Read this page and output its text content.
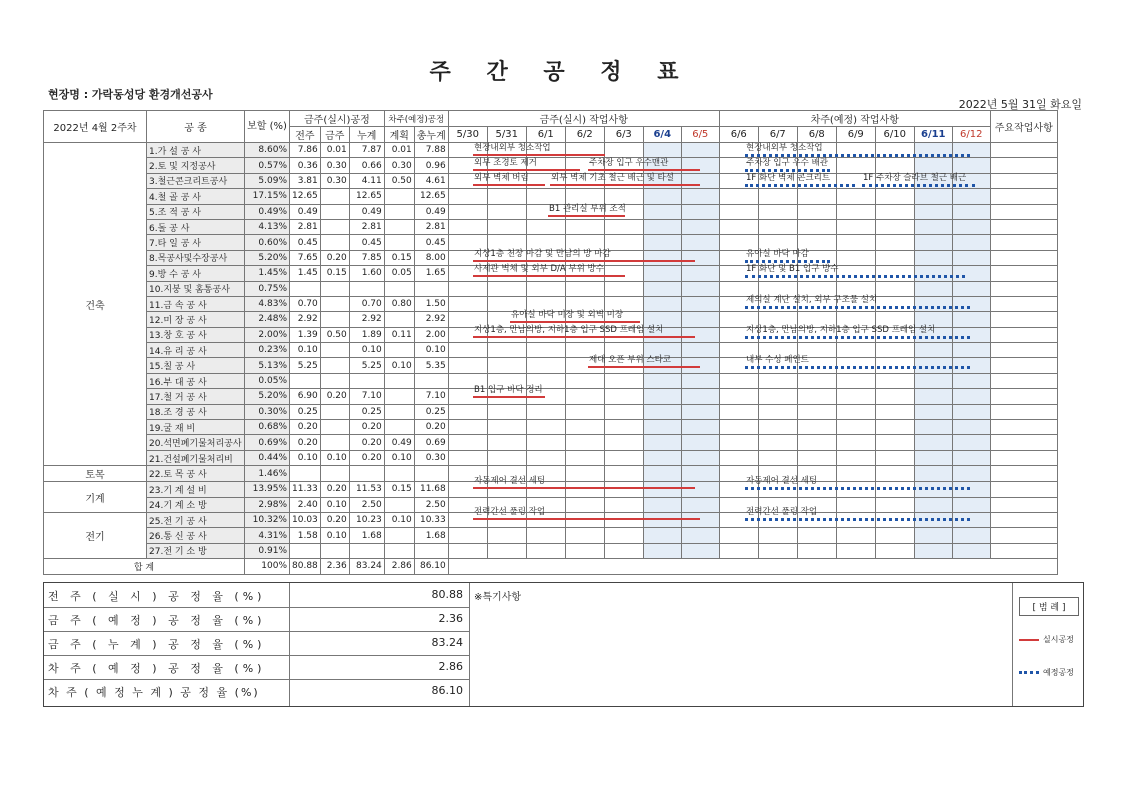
주 간 공 정 표
현장명 : 가락동성당 환경개선공사
2022년 5월 31일 화요일
2022년 4월 2주차	공 종	보할 (%)	금주(실시)공정			차주(예정)공정		금주(실시) 작업사항							차주(예정) 작업사항							주요작업사항
			전주	금주	누계	계획	총누계	5/30	5/31	6/1	6/2	6/3	6/4	6/5	6/6	6/7	6/8	6/9	6/10	6/11	6/12	
건축	1.가 설 공 사	8.60%	7.86	0.01	7.87	0.01	7.88															
	2.토 및 지정공사	0.57%	0.36	0.30	0.66	0.30	0.96															
	3.철근콘크리트공사	5.09%	3.81	0.30	4.11	0.50	4.61															
	4.철 골 공 사	17.15%	12.65		12.65		12.65															
	5.조 적 공 사	0.49%	0.49		0.49		0.49															
	6.돌 공 사	4.13%	2.81		2.81		2.81															
	7.타 일 공 사	0.60%	0.45		0.45		0.45															
	8.목공사및수장공사	5.20%	7.65	0.20	7.85	0.15	8.00															
	9.방 수 공 사	1.45%	1.45	0.15	1.60	0.05	1.65															
	10.지붕 및 홈통공사	0.75%																				
	11.금 속 공 사	4.83%	0.70		0.70	0.80	1.50															
	12.미 장 공 사	2.48%	2.92		2.92		2.92															
	13.창 호 공 사	2.00%	1.39	0.50	1.89	0.11	2.00															
	14.유 리 공 사	0.23%	0.10		0.10		0.10															
	15.칠 공 사	5.13%	5.25		5.25	0.10	5.35															
	16.부 대 공 사	0.05%																				
	17.철 거 공 사	5.20%	6.90	0.20	7.10		7.10															
	18.조 경 공 사	0.30%	0.25		0.25		0.25															
	19.굴 재 비	0.68%	0.20		0.20		0.20															
	20.석면폐기물처리공사	0.69%	0.20		0.20	0.49	0.69															
	21.건설폐기물처리비	0.44%	0.10	0.10	0.20	0.10	0.30															
토목	22.토 목 공 사	1.46%																				
기계	23.기 계 설 비	13.95%	11.33	0.20	11.53	0.15	11.68															
	24.기 계 소 방	2.98%	2.40	0.10	2.50		2.50															
전기	25.전 기 공 사	10.32%	10.03	0.20	10.23	0.10	10.33															
	26.통 신 공 사	4.31%	1.58	0.10	1.68		1.68															
	27.전 기 소 방	0.91%																				
합 계		100%	80.88	2.36	83.24	2.86	86.10															
현장내외부 청소작업
외부 조경토 제거	주차장 입구 우수맨관
외부 벽체 버림	외부 벽체 기초 철근 배근 및 타설
B1 관리실 부위 조적
지상1층 천장 마감 및 만남의 방 마감
사제관 벽체 및 외부 D/A 부위 방수
유아실 바닥 미장 및 외벽 미장
지상1층, 만남의방, 지하1층 입구 SSD 프레임 설치
제대 오픈 부위 스타코
B1 입구 바닥 정리
자동제어 결선 세팅
전력간선 풀링 작업
현장내외부 청소작업
주차장 입구 우수 배관
1F 화단 벽체 콘크리트	1F 주차장 슬라브 철근 배근
유아실 바닥 마감
1F 화단 및 B1 입구 방수
제의실 계단 설치, 외부 구조물 설치
지상1층, 만남의방, 지하1층 입구 SSD 프레임 설치
내부 수성 페인트
자동제어 결선 세팅
전력간선 풀링 작업
전 주 ( 실 시 ) 공 정 율 (%)	80.88
금 주 ( 예 정 ) 공 정 율 (%)	2.36
금 주 ( 누 계 ) 공 정 율 (%)	83.24
차 주 ( 예 정 ) 공 정 율 (%)	2.86
차 주 ( 예 정 누 계 ) 공 정 율 (%)	86.10
※특기사항
[ 범 례 ]
실시공정
예정공정
